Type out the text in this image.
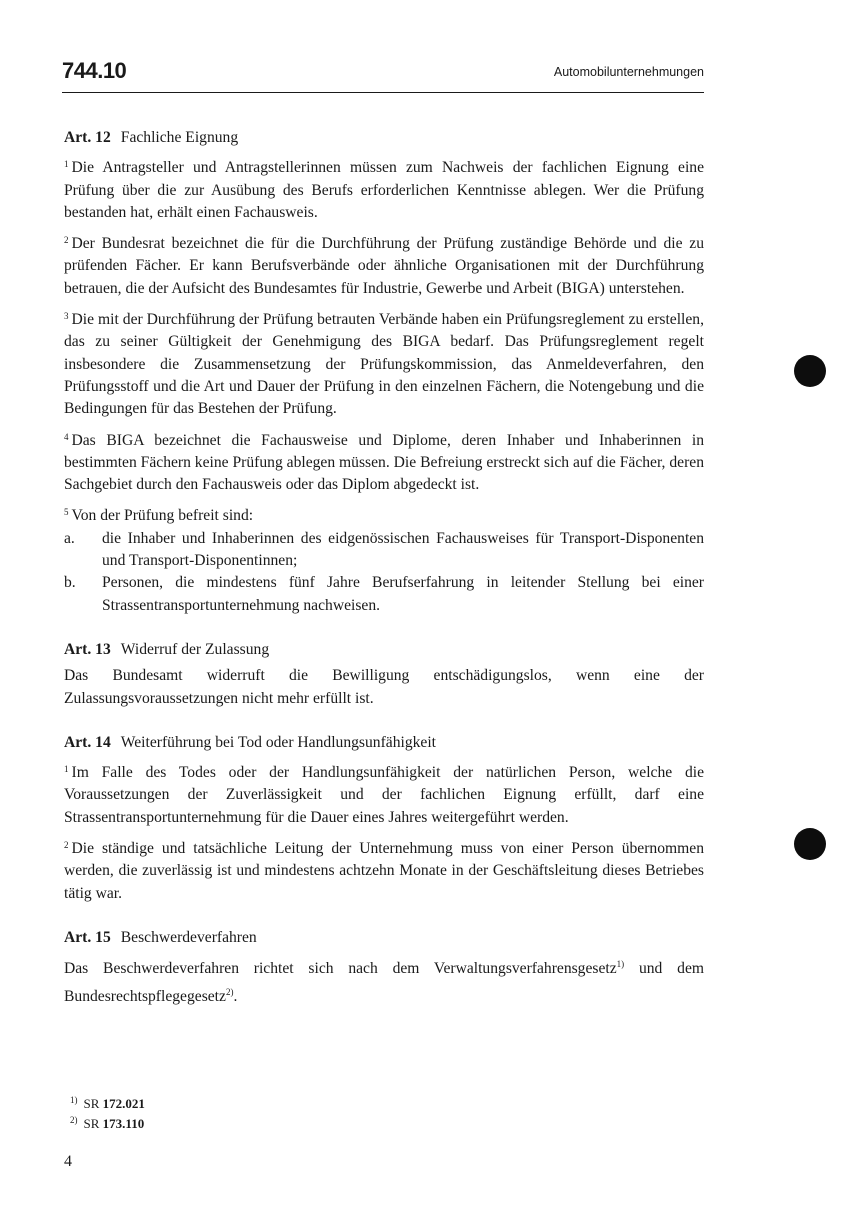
744.10	Automobilunternehmungen

Art. 12 Fachliche Eignung

$^1$ Die Antragsteller und Antragstellerinnen müssen zum Nachweis der fachlichen Eignung eine Prüfung über die zur Ausübung des Berufs erforderlichen Kenntnisse ablegen. Wer die Prüfung bestanden hat, erhält einen Fachausweis.

$^2$ Der Bundesrat bezeichnet die für die Durchführung der Prüfung zuständige Behörde und die zu prüfenden Fächer. Er kann Berufsverbände oder ähnliche Organisationen mit der Durchführung betrauen, die der Aufsicht des Bundesamtes für Industrie, Gewerbe und Arbeit (BIGA) unterstehen.

$^3$ Die mit der Durchführung der Prüfung betrauten Verbände haben ein Prüfungsreglement zu erstellen, das zu seiner Gültigkeit der Genehmigung des BIGA bedarf. Das Prüfungsreglement regelt insbesondere die Zusammensetzung der Prüfungskommission, das Anmeldeverfahren, den Prüfungsstoff und die Art und Dauer der Prüfung in den einzelnen Fächern, die Notengebung und die Bedingungen für das Bestehen der Prüfung.

$^4$ Das BIGA bezeichnet die Fachausweise und Diplome, deren Inhaber und Inhaberinnen in bestimmten Fächern keine Prüfung ablegen müssen. Die Befreiung erstreckt sich auf die Fächer, deren Sachgebiet durch den Fachausweis oder das Diplom abgedeckt ist.

$^5$ Von der Prüfung befreit sind:

a. die Inhaber und Inhaberinnen des eidgenössischen Fachausweises für Transport-Disponenten und Transport-Disponentinnen;
b. Personen, die mindestens fünf Jahre Berufserfahrung in leitender Stellung bei einer Strassentransportunternehmung nachweisen.

Art. 13 Widerruf der Zulassung

Das Bundesamt widerruft die Bewilligung entschädigungslos, wenn eine der Zulassungsvoraussetzungen nicht mehr erfüllt ist.

Art. 14 Weiterführung bei Tod oder Handlungsunfähigkeit

$^1$ Im Falle des Todes oder der Handlungsunfähigkeit der natürlichen Person, welche die Voraussetzungen der Zuverlässigkeit und der fachlichen Eignung erfüllt, darf eine Strassentransportunternehmung für die Dauer eines Jahres weitergeführt werden.

$^2$ Die ständige und tatsächliche Leitung der Unternehmung muss von einer Person übernommen werden, die zuverlässig ist und mindestens achtzehn Monate in der Geschäftsleitung dieses Betriebes tätig war.

Art. 15 Beschwerdeverfahren

Das Beschwerdeverfahren richtet sich nach dem Verwaltungsverfahrensgesetz$^{1)}$ und dem Bundesrechtspflegegesetz$^{2)}$.

$^{1)}$ SR 172.021
$^{2)}$ SR 173.110
4
